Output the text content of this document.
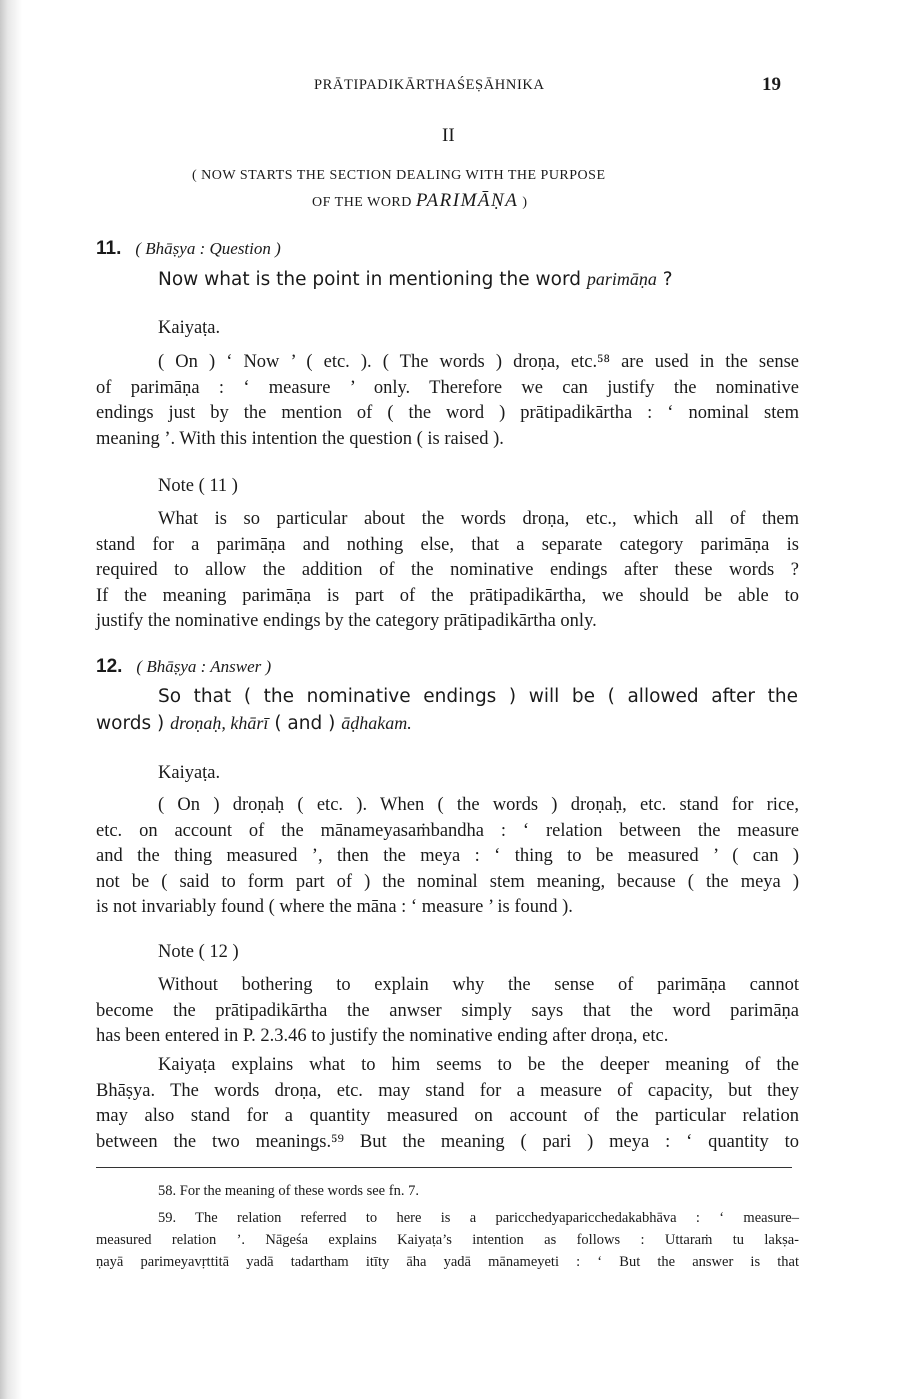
PRĀTIPADIKĀRTHAŚEṢĀHNIKA	19
II
( NOW STARTS THE SECTION DEALING WITH THE PURPOSE
OF THE WORD PARIMĀṆA )
11. ( Bhāṣya : Question )
Now what is the point in mentioning the word parimāṇa ?
Kaiyaṭa.
( On ) ‘ Now ’ ( etc. ). ( The words ) droṇa, etc.⁵⁸ are used in the sense
of parimāṇa : ‘ measure ’ only. Therefore we can justify the nominative
endings just by the mention of ( the word ) prātipadikārtha : ‘ nominal stem
meaning ’. With this intention the question ( is raised ).
Note ( 11 )
What is so particular about the words droṇa, etc., which all of them
stand for a parimāṇa and nothing else, that a separate category parimāṇa is
required to allow the addition of the nominative endings after these words ?
If the meaning parimāṇa is part of the prātipadikārtha, we should be able to
justify the nominative endings by the category prātipadikārtha only.
12. ( Bhāṣya : Answer )
So that ( the nominative endings ) will be ( allowed after the
words ) droṇaḥ, khārī ( and ) āḍhakam.
Kaiyaṭa.
( On ) droṇaḥ ( etc. ). When ( the words ) droṇaḥ, etc. stand for rice,
etc. on account of the mānameyasaṁbandha : ‘ relation between the measure
and the thing measured ’, then the meya : ‘ thing to be measured ’ ( can )
not be ( said to form part of ) the nominal stem meaning, because ( the meya )
is not invariably found ( where the māna : ‘ measure ’ is found ).
Note ( 12 )
Without bothering to explain why the sense of parimāṇa cannot
become the prātipadikārtha the anwser simply says that the word parimāṇa
has been entered in P. 2.3.46 to justify the nominative ending after droṇa, etc.
Kaiyaṭa explains what to him seems to be the deeper meaning of the
Bhāṣya. The words droṇa, etc. may stand for a measure of capacity, but they
may also stand for a quantity measured on account of the particular relation
between the two meanings.⁵⁹ But the meaning ( pari ) meya : ‘ quantity to
58. For the meaning of these words see fn. 7.
59. The relation referred to here is a paricchedyaparicchedakabhāva : ‘ measure–
measured relation ’. Nāgeśa explains Kaiyaṭa’s intention as follows : Uttaraṁ tu lakṣa-
ṇayā parimeyavṛttitā yadā tadartham itīty āha yadā mānameyeti : ‘ But the answer is that
